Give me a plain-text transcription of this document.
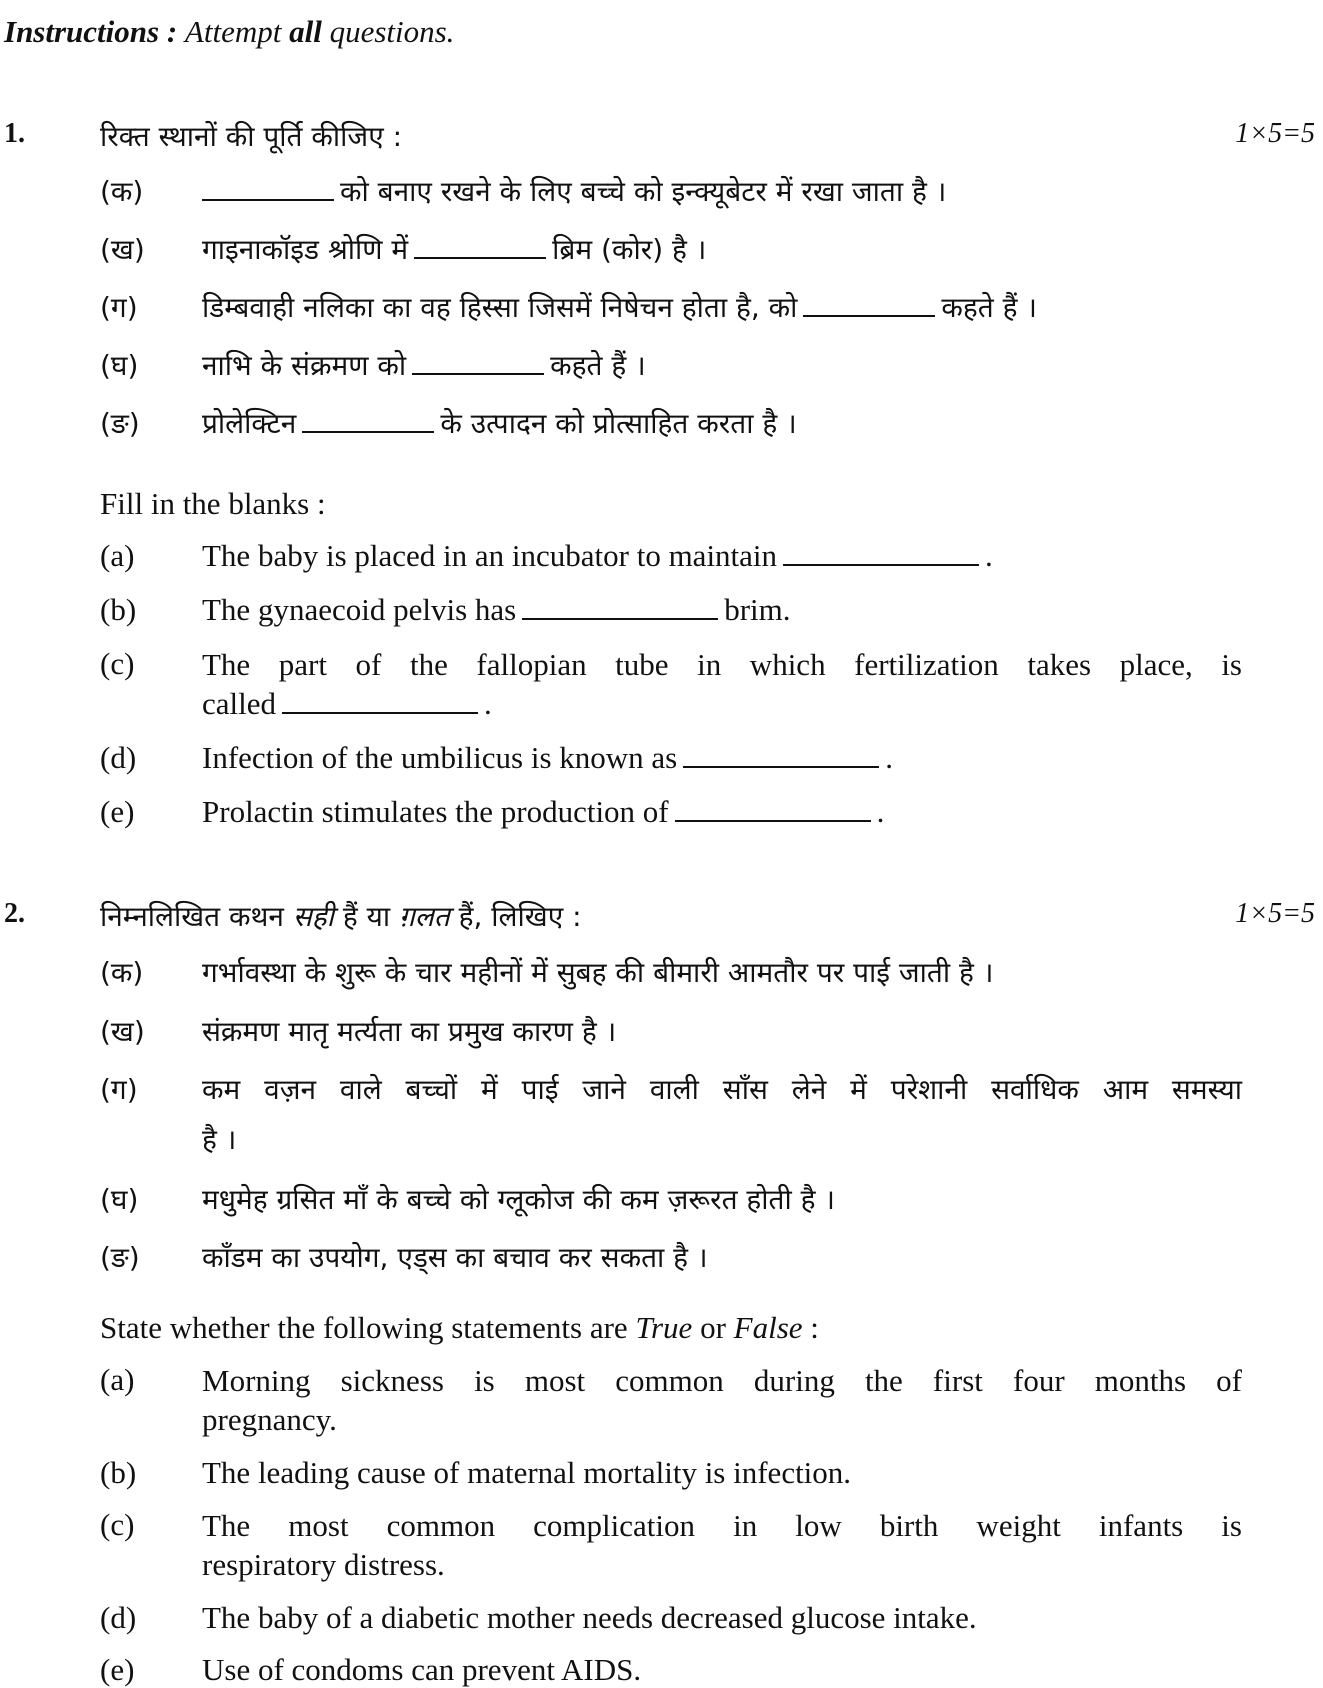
Instructions : Attempt all questions.
1.	रिक्त स्थानों की पूर्ति कीजिए :	1×5=5
(क)	को बनाए रखने के लिए बच्चे को इन्क्यूबेटर में रखा जाता है ।
(ख) गाइनाकॉइड श्रोणि में	ब्रिम (कोर) है ।
(ग) डिम्बवाही नलिका का वह हिस्सा जिसमें निषेचन होता है, को	कहते हैं ।
(घ) नाभि के संक्रमण को	कहते हैं ।
(ङ) प्रोलेक्टिन	के उत्पादन को प्रोत्साहित करता है ।
Fill in the blanks :
(a) The baby is placed in an incubator to maintain	.
(b) The gynaecoid pelvis has	brim.
(c) The part of the fallopian tube in which fertilization takes place, is
called	.
(d) Infection of the umbilicus is known as	.
(e) Prolactin stimulates the production of	.
2.	निम्नलिखित कथन सही हैं या ग़लत हैं, लिखिए :	1×5=5
(क) गर्भावस्था के शुरू के चार महीनों में सुबह की बीमारी आमतौर पर पाई जाती है ।
(ख) संक्रमण मातृ मर्त्यता का प्रमुख कारण है ।
(ग) कम वज़न वाले बच्चों में पाई जाने वाली साँस लेने में परेशानी सर्वाधिक आम समस्या
है ।
(घ) मधुमेह ग्रसित माँ के बच्चे को ग्लूकोज की कम ज़रूरत होती है ।
(ङ) काँडम का उपयोग, एड्स का बचाव कर सकता है ।
State whether the following statements are True or False :
(a) Morning sickness is most common during the first four months of
pregnancy.
(b) The leading cause of maternal mortality is infection.
(c) The most common complication in low birth weight infants is
respiratory distress.
(d) The baby of a diabetic mother needs decreased glucose intake.
(e) Use of condoms can prevent AIDS.
